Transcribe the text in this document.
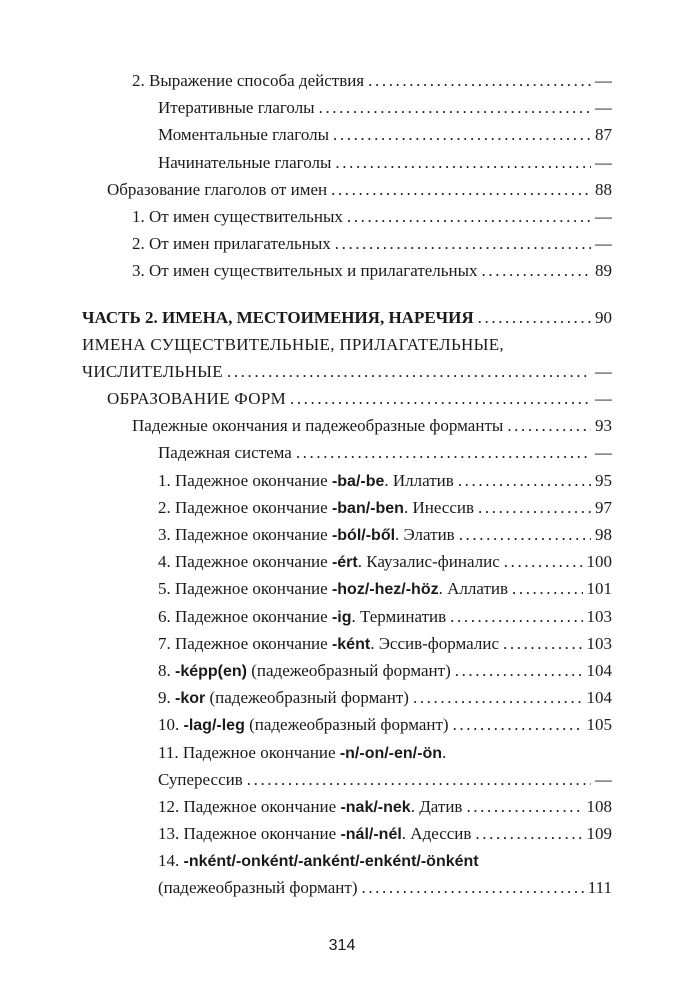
2. Выражение способа действия .....	—
Итеративные глаголы .....	—
Моментальные глаголы .....	87
Начинательные глаголы .....	—
Образование глаголов от имен .....	88
1. От имен существительных .....	—
2. От имен прилагательных .....	—
3. От имен существительных и прилагательных .....	89
ЧАСТЬ 2. ИМЕНА, МЕСТОИМЕНИЯ, НАРЕЧИЯ .....	90
ИМЕНА СУЩЕСТВИТЕЛЬНЫЕ, ПРИЛАГАТЕЛЬНЫЕ,
ЧИСЛИТЕЛЬНЫЕ .....	—
ОБРАЗОВАНИЕ ФОРМ .....	—
Падежные окончания и падежеобразные форманты .....	93
Падежная система .....	—
1. Падежное окончание -ba/-be. Иллатив .....	95
2. Падежное окончание -ban/-ben. Инессив .....	97
3. Падежное окончание -ból/-ből. Элатив .....	98
4. Падежное окончание -ért. Каузалис-финалис .....	100
5. Падежное окончание -hoz/-hez/-höz. Аллатив .....	101
6. Падежное окончание -ig. Терминатив .....	103
7. Падежное окончание -ként. Эссив-формалис .....	103
8. -képp(en) (падежеобразный формант) .....	104
9. -kor (падежеобразный формант) .....	104
10. -lag/-leg (падежеобразный формант) .....	105
11. Падежное окончание -n/-on/-en/-ön.
Суперессив .....	—
12. Падежное окончание -nak/-nek. Датив .....	108
13. Падежное окончание -nál/-nél. Адессив .....	109
14. -nként/-onként/-anként/-enként/-önként
(падежеобразный формант) .....	111
314
